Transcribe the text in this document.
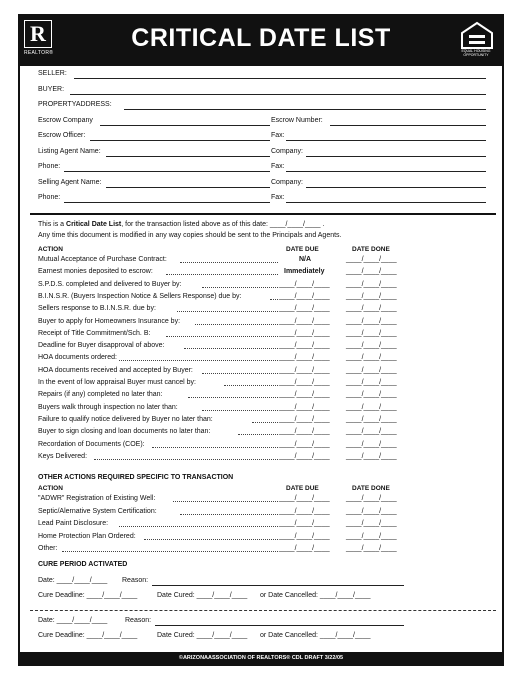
R
REALTOR®
CRITICAL DATE LIST	EQUAL HOUSING OPPORTUNITY
SELLER:
BUYER:
PROPERTYADDRESS:
Escrow Company	Escrow Number:
Escrow Officer:	Fax:
Listing Agent Name:	Company:
Phone:	Fax:
Selling Agent Name:	Company:
Phone:	Fax:
This is a Critical Date List, for the transaction listed above as of this date: ____/____/____ .
Any time this document is modified in any way copies should be sent to the Principals and Agents.
ACTION	DATE DUE	DATE DONE
Mutual Acceptance of Purchase Contract:	N/A	____/____/____
Earnest monies deposited to escrow:	Immediately	____/____/____
S.P.D.S. completed and delivered to Buyer by:	____/____/____ ____/____/____
B.I.N.S.R. (Buyers Inspection Notice & Sellers Response) due by:	____/____/____ ____/____/____
Sellers response to B.I.N.S.R. due by:	____/____/____ ____/____/____
Buyer to apply for Homeowners Insurance by:	____/____/____ ____/____/____
Receipt of Title Commitment/Sch. B:	____/____/____ ____/____/____
Deadline for Buyer disapproval of above:	____/____/____ ____/____/____
HOA documents ordered:	____/____/____ ____/____/____
HOA documents received and accepted by Buyer:	____/____/____ ____/____/____
In the event of low appraisal Buyer must cancel by:	____/____/____ ____/____/____
Repairs (if any) completed no later than:	____/____/____ ____/____/____
Buyers walk through inspection no later than:	____/____/____ ____/____/____
Failure to qualify notice delivered by Buyer no later than:	____/____/____ ____/____/____
Buyer to sign closing and loan documents no later than:	____/____/____ ____/____/____
Recordation of Documents (COE):	____/____/____ ____/____/____
Keys Delivered:	____/____/____ ____/____/____
OTHER ACTIONS REQUIRED SPECIFIC TO TRANSACTION
ACTION	DATE DUE	DATE DONE
"ADWR" Registration of Existing Well:	____/____/____ ____/____/____
Septic/Alernative System Certification:	____/____/____ ____/____/____
Lead Paint Disclosure:	____/____/____ ____/____/____
Home Protection Plan Ordered:	____/____/____ ____/____/____
Other:	____/____/____ ____/____/____
CURE PERIOD ACTIVATED
Date: ____/____/____ Reason:
Cure Deadline: ____/____/____	Date Cured: ____/____/____ or Date Cancelled: ____/____/____
Date: ____/____/____	Reason:
Cure Deadline: ____/____/____	Date Cured: ____/____/____ or Date Cancelled: ____/____/____
©ARIZONAASSOCIATION OF REALTORS® CDL DRAFT 3/22/05
